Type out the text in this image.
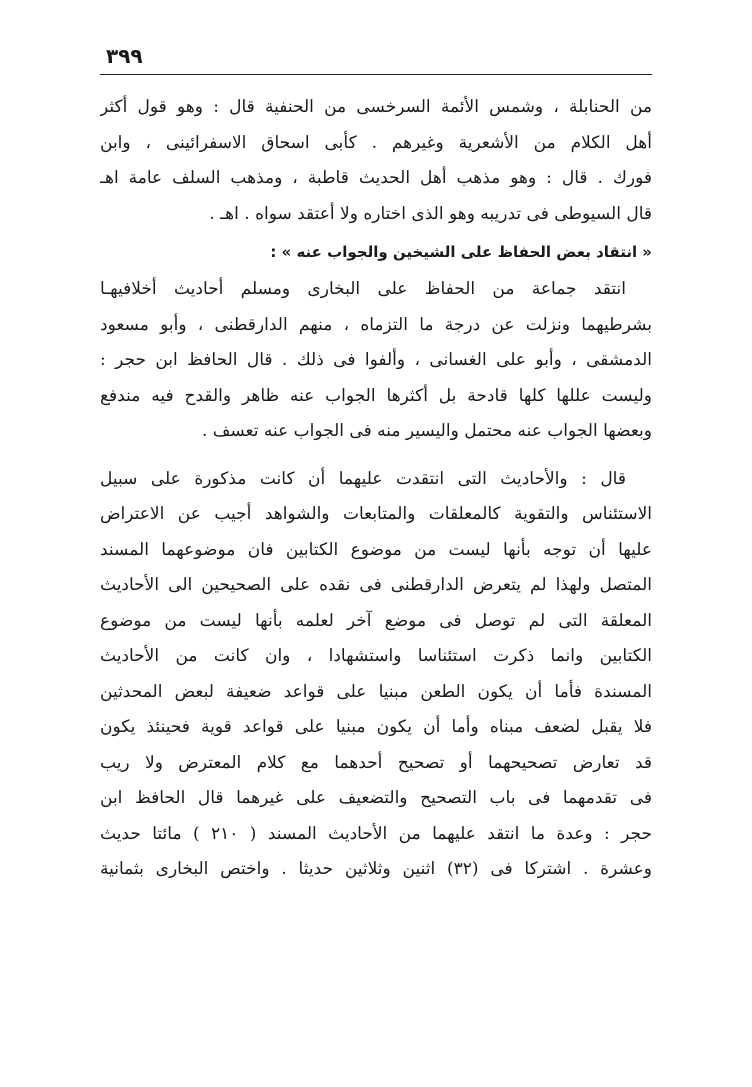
٣٩٩
من الحنابلة ، وشمس الأئمة السرخسى من الحنفية قال : وهو قول أكثر
أهل الكلام من الأشعرية وغيرهم . كأبى اسحاق الاسفرائينى ، وابن
فورك . قال : وهو مذهب أهل الحديث قاطبة ، ومذهب السلف عامة اهـ
قال السيوطى فى تدريبه وهو الذى اختاره ولا أعتقد سواه . اهـ .
« انتقاد بعض الحفاظ على الشيخين والجواب عنه » :
انتقد جماعة من الحفاظ على البخارى ومسلم أحاديث أخلافيهـا
بشرطيهما ونزلت عن درجة ما التزماه ، منهم الدارقطنى ، وأبو مسعود
الدمشقى ، وأبو على الغسانى ، وألفوا فى ذلك . قال الحافظ ابن حجر :
وليست عللها كلها قادحة بل أكثرها الجواب عنه ظاهر والقدح فيه مندفع
وبعضها الجواب عنه محتمل واليسير منه فى الجواب عنه تعسف .
قال : والأحاديث التى انتقدت عليهما أن كانت مذكورة على سبيل
الاستئناس والتقوية كالمعلقات والمتابعات والشواهد أجيب عن الاعتراض
عليها أن توجه بأنها ليست من موضوع الكتابين فان موضوعهما المسند
المتصل ولهذا لم يتعرض الدارقطنى فى نقده على الصحيحين الى الأحاديث
المعلقة التى لم توصل فى موضع آخر لعلمه بأنها ليست من موضوع
الكتابين وانما ذكرت استئناسا واستشهادا ، وان كانت من الأحاديث
المسندة فأما أن يكون الطعن مبنيا على قواعد ضعيفة لبعض المحدثين
فلا يقبل لضعف مبناه وأما أن يكون مبنيا على قواعد قوية فحينئذ يكون
قد تعارض تصحيحهما أو تصحيح أحدهما مع كلام المعترض ولا ريب
فى تقدمهما فى باب التصحيح والتضعيف على غيرهما قال الحافظ ابن
حجر : وعدة ما انتقد عليهما من الأحاديث المسند ( ٢١٠ ) مائتا حديث
وعشرة . اشتركا فى (٣٢) اثنين وثلاثين حديثا . واختص البخارى بثمانية
